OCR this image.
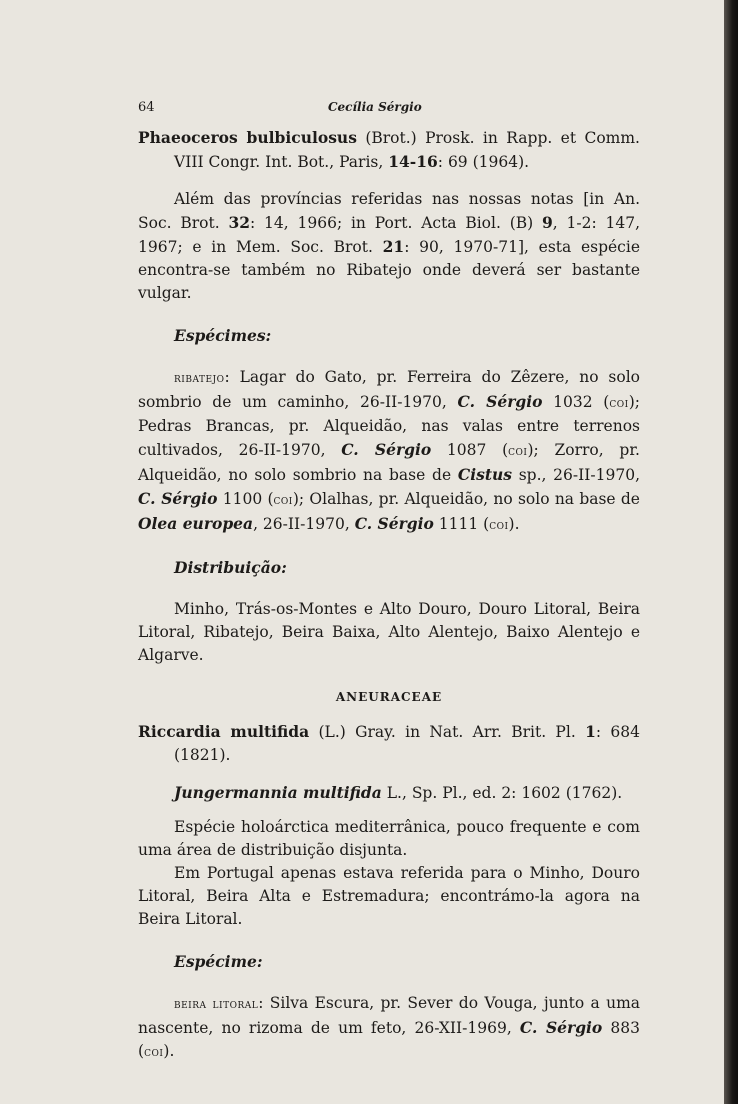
64	Cecília Sérgio

Phaeoceros bulbiculosus (Brot.) Prosk. in Rapp. et Comm. VIII Congr. Int. Bot., Paris, 14-16: 69 (1964).

Além das províncias referidas nas nossas notas [in An. Soc. Brot. 32: 14, 1966; in Port. Acta Biol. (B) 9, 1-2: 147, 1967; e in Mem. Soc. Brot. 21: 90, 1970-71], esta espécie encontra-se também no Ribatejo onde deverá ser bastante vulgar.

Espécimes:

ribatejo: Lagar do Gato, pr. Ferreira do Zêzere, no solo sombrio de um caminho, 26-II-1970, C. Sérgio 1032 (coi); Pedras Brancas, pr. Alqueidão, nas valas entre terrenos cultivados, 26-II-1970, C. Sérgio 1087 (coi); Zorro, pr. Alqueidão, no solo sombrio na base de Cistus sp., 26-II-1970, C. Sérgio 1100 (coi); Olalhas, pr. Alqueidão, no solo na base de Olea europea, 26-II-1970, C. Sérgio 1111 (coi).

Distribuição:

Minho, Trás-os-Montes e Alto Douro, Douro Litoral, Beira Litoral, Ribatejo, Beira Baixa, Alto Alentejo, Baixo Alentejo e Algarve.

ANEURACEAE

Riccardia multifida (L.) Gray. in Nat. Arr. Brit. Pl. 1: 684 (1821).

Jungermannia multifida L., Sp. Pl., ed. 2: 1602 (1762).

Espécie holoárctica mediterrânica, pouco frequente e com uma área de distribuição disjunta.

Em Portugal apenas estava referida para o Minho, Douro Litoral, Beira Alta e Estremadura; encontrámo-la agora na Beira Litoral.

Espécime:

beira litoral: Silva Escura, pr. Sever do Vouga, junto a uma nascente, no rizoma de um feto, 26-XII-1969, C. Sérgio 883 (coi).
